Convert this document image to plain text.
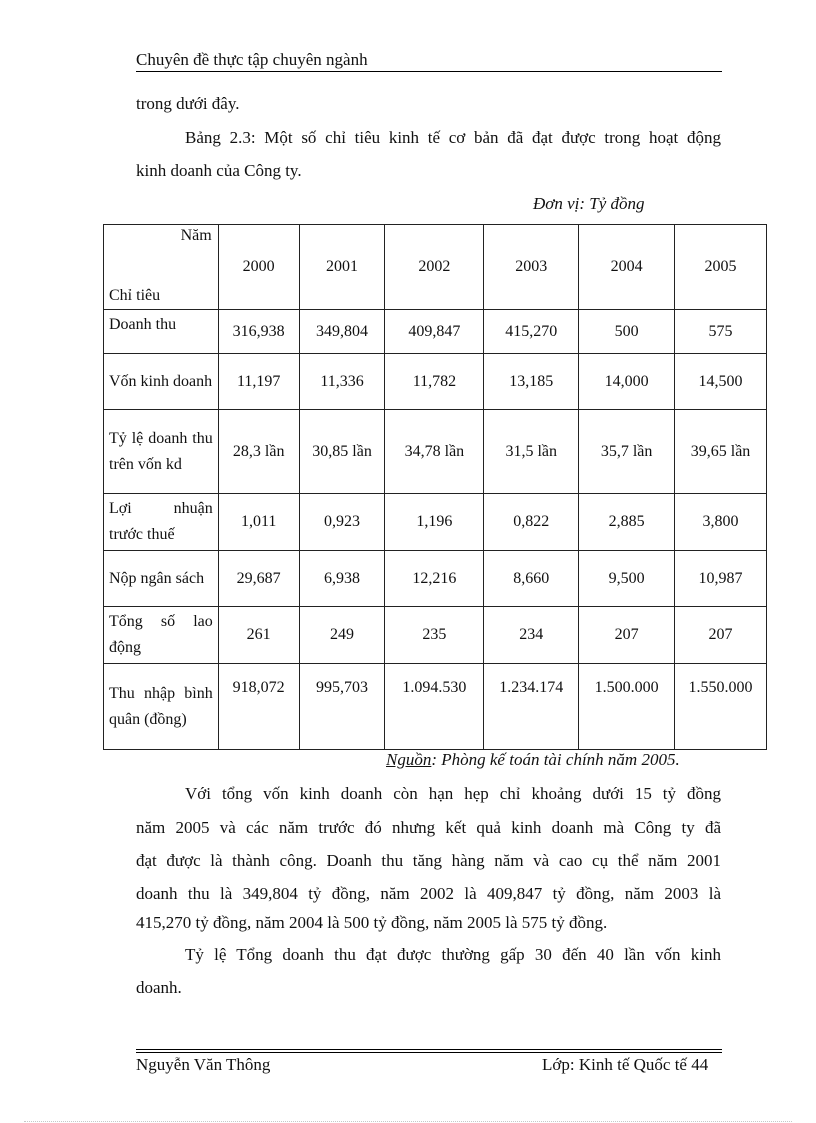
Chuyên đề thực tập chuyên ngành
trong dưới đây.
Bảng 2.3: Một số chỉ tiêu kinh tế cơ bản đã đạt được trong hoạt động
kinh doanh của Công ty.
Đơn vị: Tỷ đồng
Năm
Chỉ tiêu	2000	2001	2002	2003	2004	2005
Doanh thu	316,938	349,804	409,847	415,270	500	575
Vốn kinh doanh	11,197	11,336	11,782	13,185	14,000	14,500
Tỷ lệ doanh thu trên vốn kd	28,3 lần	30,85 lần	34,78 lần	31,5 lần	35,7 lần	39,65 lần
Lợi nhuận trước thuế	1,011	0,923	1,196	0,822	2,885	3,800
Nộp ngân sách	29,687	6,938	12,216	8,660	9,500	10,987
Tổng số lao động	261	249	235	234	207	207
Thu nhập bình quân (đồng)	918,072	995,703	1.094.530	1.234.174	1.500.000	1.550.000
Nguồn: Phòng kế toán tài chính năm 2005.
Với tổng vốn kinh doanh còn hạn hẹp chỉ khoảng dưới 15 tỷ đồng
năm 2005 và các năm trước đó nhưng kết quả kinh doanh mà Công ty đã
đạt được là thành công. Doanh thu tăng hàng năm và cao cụ thể năm 2001
doanh thu là 349,804 tỷ đồng, năm 2002 là 409,847 tỷ đồng, năm 2003 là
415,270 tỷ đồng, năm 2004 là 500 tỷ đồng, năm 2005 là 575 tỷ đồng.
Tỷ lệ Tổng doanh thu đạt được thường gấp 30 đến 40 lần vốn kinh
doanh.
Nguyễn Văn Thông	Lớp: Kinh tế Quốc tế 44
